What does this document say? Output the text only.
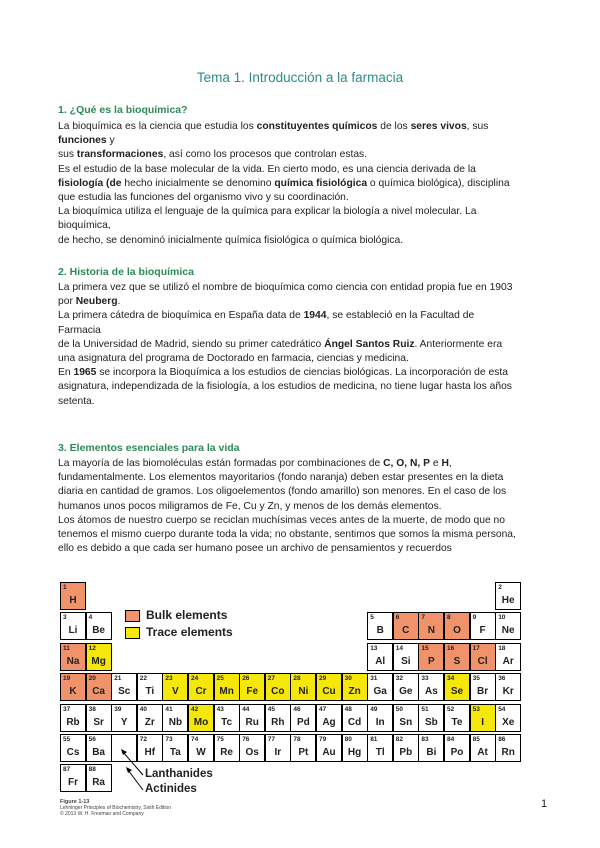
Tema 1. Introducción a la farmacia
1. ¿Qué es la bioquímica?

La bioquímica es la ciencia que estudia los constituyentes químicos de los seres vivos, sus

funciones y

sus transformaciones, así como los procesos que controlan estas.

Es el estudio de la base molecular de la vida. En cierto modo, es una ciencia derivada de la

fisiología (de hecho inicialmente se denomino química fisiológica o química biológica), disciplina

que estudia las funciones del organismo vivo y su coordinación.

La bioquímica utiliza el lenguaje de la química para explicar la biología a nivel molecular. La

bioquímica,

de hecho, se denominó inicialmente química fisiológica o química biológica.

2. Historia de la bioquímica

La primera vez que se utilizó el nombre de bioquímica como ciencia con entidad propia fue en 1903

por Neuberg.

La primera cátedra de bioquímica en España data de 1944, se estableció en la Facultad de

Farmacia

de la Universidad de Madrid, siendo su primer catedrático Ángel Santos Ruiz. Anteriormente era

una asignatura del programa de Doctorado en farmacia, ciencias y medicina.

En 1965 se incorpora la Bioquímica a los estudios de ciencias biológicas. La incorporación de esta

asignatura, independizada de la fisiología, a los estudios de medicina, no tiene lugar hasta los años

setenta.

3. Elementos esenciales para la vida

La mayoría de las biomoléculas están formadas por combinaciones de C, O, N, P e H,

fundamentalmente. Los elementos mayoritarios (fondo naranja) deben estar presentes en la dieta

diaria en cantidad de gramos. Los oligoelementos (fondo amarillo) son menores. En el caso de los

humanos unos pocos miligramos de Fe, Cu y Zn, y menos de los demás elementos.

Los átomos de nuestro cuerpo se reciclan muchísimas veces antes de la muerte, de modo que no

tenemos el mismo cuerpo durante toda la vida; no obstante, sentimos que somos la misma persona,

ello es debido a que cada ser humano posee un archivo de pensamientos y recuerdos

1
H
2
He
3
Li
4
Be
5
B
6
C
7
N
8
O
9
F
10
Ne
11
Na
12
Mg
13
Al
14
Si
15
P
16
S
17
Cl
18
Ar
19
K
20
Ca
21
Sc
22
Ti
23
V
24
Cr
25
Mn
26
Fe
27
Co
28
Ni
29
Cu
30
Zn
31
Ga
32
Ge
33
As
34
Se
35
Br
36
Kr
37
Rb
38
Sr
39
Y
40
Zr
41
Nb
42
Mo
43
Tc
44
Ru
45
Rh
46
Pd
47
Ag
48
Cd
49
In
50
Sn
51
Sb
52
Te
53
I
54
Xe
55
Cs
56
Ba
72
Hf
73
Ta
74
W
75
Re
76
Os
77
Ir
78
Pt
79
Au
80
Hg
81
Tl
82
Pb
83
Bi
84
Po
85
At
86
Rn
87
Fr
88
Ra
Bulk elements
Trace elements
Lanthanides
Actinides
Figure 1-13
Lehninger Principles of Biochemistry, Sixth Edition
© 2013 W. H. Freeman and Company
1
